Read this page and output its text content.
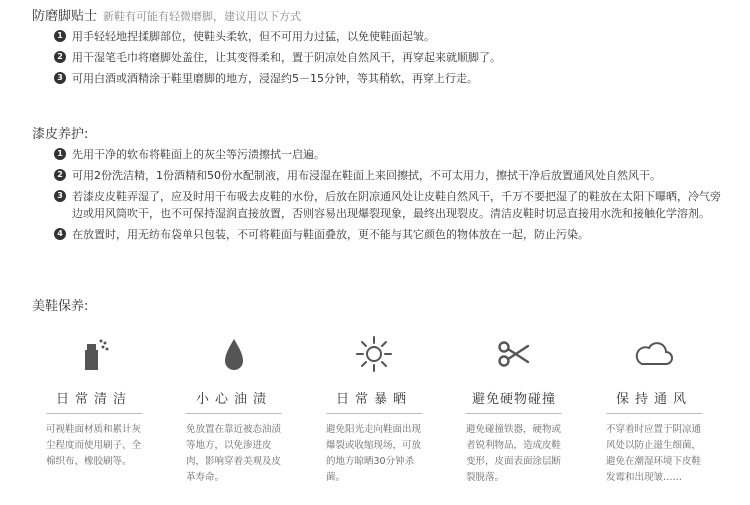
防磨脚贴士 新鞋有可能有轻微磨脚，建议用以下方式
1 用手轻轻地捏揉脚部位，使鞋头柔软，但不可用力过猛，以免使鞋面起皱。
2 用干湿笔毛巾将磨脚处盖住，让其变得柔和，置于阴凉处自然风干，再穿起来就顺脚了。
3 可用白酒或酒精涂于鞋里磨脚的地方，浸湿约5－15分钟，等其稍软，再穿上行走。
漆皮养护:
1 先用干净的软布将鞋面上的灰尘等污渍擦拭一启遍。
2 可用2份洗洁精，1份酒精和50份水配制液，用布浸湿在鞋面上来回擦拭，不可太用力，擦拭干净后放置通风处自然风干。
3 若漆皮皮鞋弄湿了，应及时用干布吸去皮鞋的水份，后放在阴凉通风处让皮鞋自然风干，千万不要把湿了的鞋放在太阳下曝晒，冷气旁边或用风筒吹干，也不可保持湿润直接放置，否则容易出现爆裂现象，最终出现裂皮。清洁皮鞋时切忌直接用水洗和接触化学溶剂。
4 在放置时，用无纺布袋单只包装，不可将鞋面与鞋面叠放，更不能与其它颜色的物体放在一起，防止污染。
美鞋保养:
日常清洁
可视鞋面材质和累计灰尘程度而使用刷子、全棉织布、橡胶刷等。
小心油渍
免放置在靠近被态油渍等地方，以免渗进皮肉，影响穿着美观及皮革寿命。
日常暴晒
避免阳光走向鞋面出现爆裂或收缩现场，可放的地方晾晒30分钟杀菌。
避免硬物碰撞
避免碰撞铁器，硬物或者锐利物品，造成皮鞋变形，皮面表面涂层断裂脱落。
保持通风
不穿着时应置于阴凉通风处以防止滋生细菌，避免在潮湿环境下皮鞋发霉和出现皱……
